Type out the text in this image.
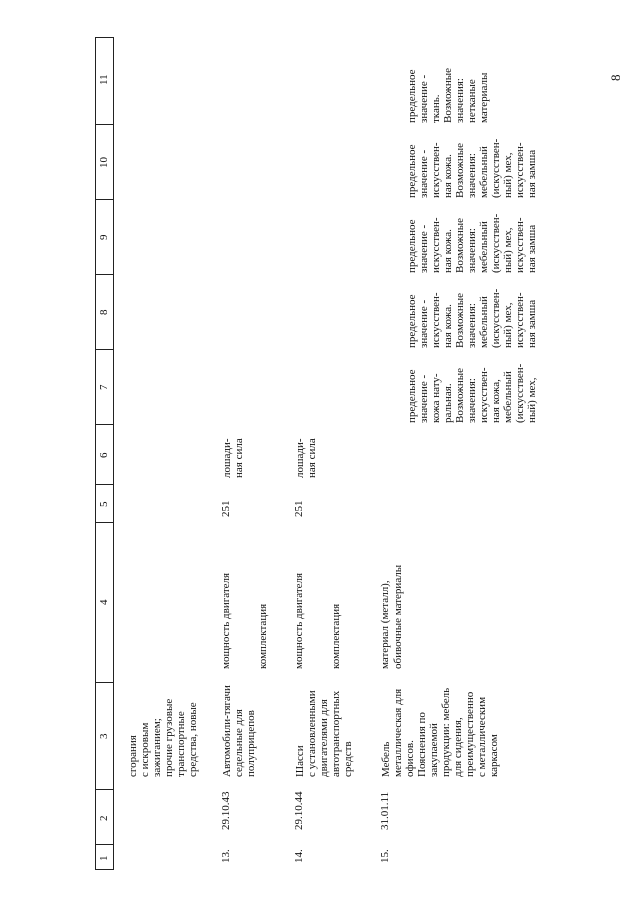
1
2
3
4
5
6
7
8
9
10
11
сгорания
с искровым
зажиганием;
прочие грузовые
транспортные
средства, новые
13.
29.10.43
Автомобили-тягачи
седельные для
полуприцепов
мощность двигателя комплектация
251
лошади-
ная сила
14.
29.10.44
Шасси
с установленными
двигателями для
автотранспортных
средств
мощность двигателя комплектация
251
лошади-
ная сила
15.
31.01.11
Мебель
металлическая для
офисов.
Пояснения по
закупаемой
продукции: мебель
для сидения,
преимущественно
с металлическим
каркасом
материал (металл), обивочные материалы
предельное
значение -
кожа нату-
ральная.
Возможные
значения:
искусствен-
ная кожа,
мебельный
(искусствен-
ный) мех,
предельное
значение -
искусствен-
ная кожа.
Возможные
значения:
мебельный
(искусствен-
ный) мех,
искусствен-
ная замша
предельное
значение -
искусствен-
ная кожа.
Возможные
значения:
мебельный
(искусствен-
ный) мех,
искусствен-
ная замша
предельное
значение -
искусствен-
ная кожа.
Возможные
значения:
мебельный
(искусствен-
ный) мех,
искусствен-
ная замша
предельное
значение -
ткань.
Возможные
значения:
нетканые
материалы	8
